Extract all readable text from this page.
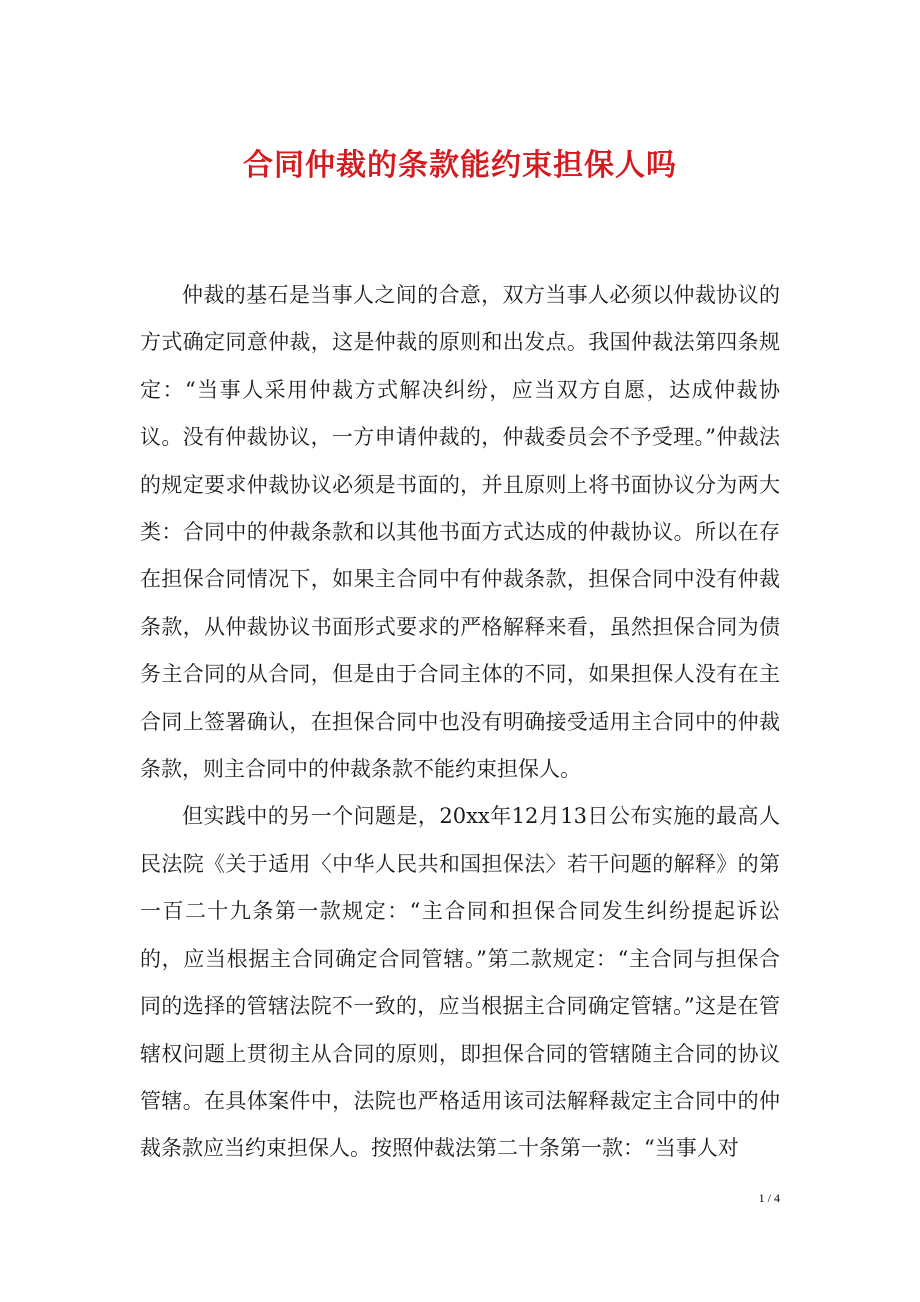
合同仲裁的条款能约束担保人吗

仲裁的基石是当事人之间的合意，双方当事人必须以仲裁协议的方式确定同意仲裁，这是仲裁的原则和出发点。我国仲裁法第四条规定：“当事人采用仲裁方式解决纠纷，应当双方自愿，达成仲裁协议。没有仲裁协议，一方申请仲裁的，仲裁委员会不予受理。”仲裁法的规定要求仲裁协议必须是书面的，并且原则上将书面协议分为两大类：合同中的仲裁条款和以其他书面方式达成的仲裁协议。所以在存在担保合同情况下，如果主合同中有仲裁条款，担保合同中没有仲裁条款，从仲裁协议书面形式要求的严格解释来看，虽然担保合同为债务主合同的从合同，但是由于合同主体的不同，如果担保人没有在主合同上签署确认，在担保合同中也没有明确接受适用主合同中的仲裁条款，则主合同中的仲裁条款不能约束担保人。

但实践中的另一个问题是，20xx年12月13日公布实施的最高人民法院《关于适用〈中华人民共和国担保法〉若干问题的解释》的第一百二十九条第一款规定：“主合同和担保合同发生纠纷提起诉讼的，应当根据主合同确定合同管辖。”第二款规定：“主合同与担保合同的选择的管辖法院不一致的，应当根据主合同确定管辖。”这是在管辖权问题上贯彻主从合同的原则，即担保合同的管辖随主合同的协议管辖。在具体案件中，法院也严格适用该司法解释裁定主合同中的仲裁条款应当约束担保人。按照仲裁法第二十条第一款：“当事人对

1 / 4
